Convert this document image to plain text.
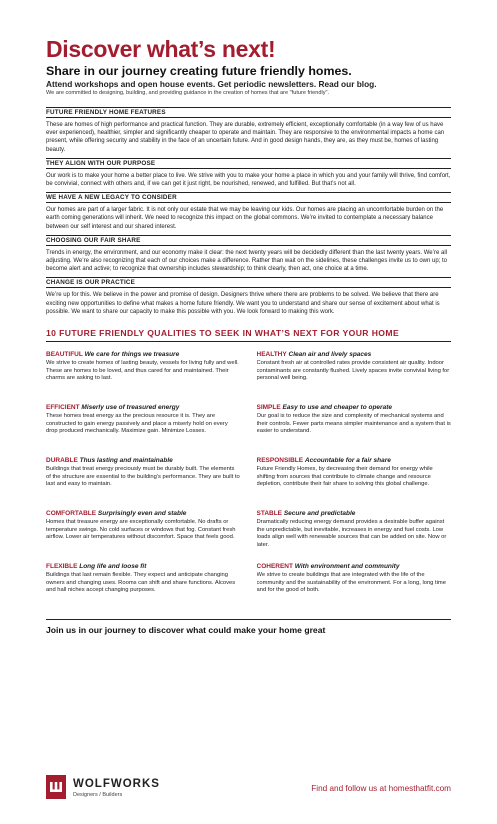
Discover what’s next!
Share in our journey creating future friendly homes.
Attend workshops and open house events. Get periodic newsletters. Read our blog.
We are committed to designing, building, and providing guidance in the creation of homes that are "future friendly".
FUTURE FRIENDLY HOME FEATURES
These are homes of high performance and practical function. They are durable, extremely efficient, exceptionally comfortable (in a way few of us have ever experienced), healthier, simpler and significantly cheaper to operate and maintain. They are responsive to the environmental impacts a home can present, while offering security and stability in the face of an uncertain future. And in good design hands, they are, as they must be, homes of lasting beauty.
THEY ALIGN WITH OUR PURPOSE
Our work is to make your home a better place to live. We strive with you to make your home a place in which you and your family will thrive, find comfort, be convivial, connect with others and, if we can get it just right, be nourished, renewed, and fulfilled. But that’s not all.
WE HAVE A NEW LEGACY TO CONSIDER
Our homes are part of a larger fabric. It is not only our estate that we may be leaving our kids. Our homes are placing an uncomfortable burden on the earth coming generations will inherit. We need to recognize this impact on the global commons. We’re invited to contemplate a necessary balance between our self interest and our shared interest.
CHOOSING OUR FAIR SHARE
Trends in energy, the environment, and our economy make it clear: the next twenty years will be decidedly different than the last twenty years. We’re all adjusting. We’re also recognizing that each of our choices make a difference. Rather than wait on the sidelines, these challenges invite us to own up; to become alert and active; to recognize that ownership includes stewardship; to think clearly, then act, one choice at a time.
CHANGE IS OUR PRACTICE
We’re up for this. We believe in the power and promise of design. Designers thrive where there are problems to be solved. We believe that there are exciting new opportunities to define what makes a home future friendly. We want you to understand and share our sense of excitement about what is possible. We want to share our capacity to make this possible with you. We look forward to making this work.
10 FUTURE FRIENDLY QUALITIES TO SEEK IN WHAT’S NEXT FOR YOUR HOME
BEAUTIFUL We care for things we treasure
We strive to create homes of lasting beauty, vessels for living fully and well. These are homes to be loved, and thus cared for and maintained. Their charms are asking to last.
HEALTHY Clean air and lively spaces
Constant fresh air at controlled rates provide consistent air quality. Indoor contaminants are constantly flushed. Lively spaces invite convivial living for personal well being.
EFFICIENT Miserly use of treasured energy
These homes treat energy as the precious resource it is. They are constructed to gain energy passively and place a miserly hold on every drop produced mechanically. Maximize gain. Minimize Losses.
SIMPLE Easy to use and cheaper to operate
Our goal is to reduce the size and complexity of mechanical systems and their controls. Fewer parts means simpler maintenance and a system that is easier to understand.
DURABLE Thus lasting and maintainable
Buildings that treat energy preciously must be durably built. The elements of the structure are essential to the building’s performance. They are built to last and easy to maintain.
RESPONSIBLE Accountable for a fair share
Future Friendly Homes, by decreasing their demand for energy while shifting from sources that contribute to climate change and resource depletion, contribute their fair share to solving this global challenge.
COMFORTABLE Surprisingly even and stable
Homes that treasure energy are exceptionally comfortable. No drafts or temperature swings. No cold surfaces or windows that fog. Constant fresh airflow. Lower air temperatures without discomfort. Space that feels good.
STABLE Secure and predictable
Dramatically reducing energy demand provides a desirable buffer against the unpredictable, but inevitable, increases in energy and fuel costs. Low loads align well with renewable sources that can be added on site. Now or later.
FLEXIBLE Long life and loose fit
Buildings that last remain flexible. They expect and anticipate changing owners and changing uses. Rooms can shift and share functions. Alcoves and hall niches accept changing purposes.
COHERENT With environment and community
We strive to create buildings that are integrated with the life of the community and the sustainability of the environment. For a long, long time and for the good of both.
Join us in our journey to discover what could make your home great
WOLFWORKS
Designers / Builders
Find and follow us at homesthatfit.com
